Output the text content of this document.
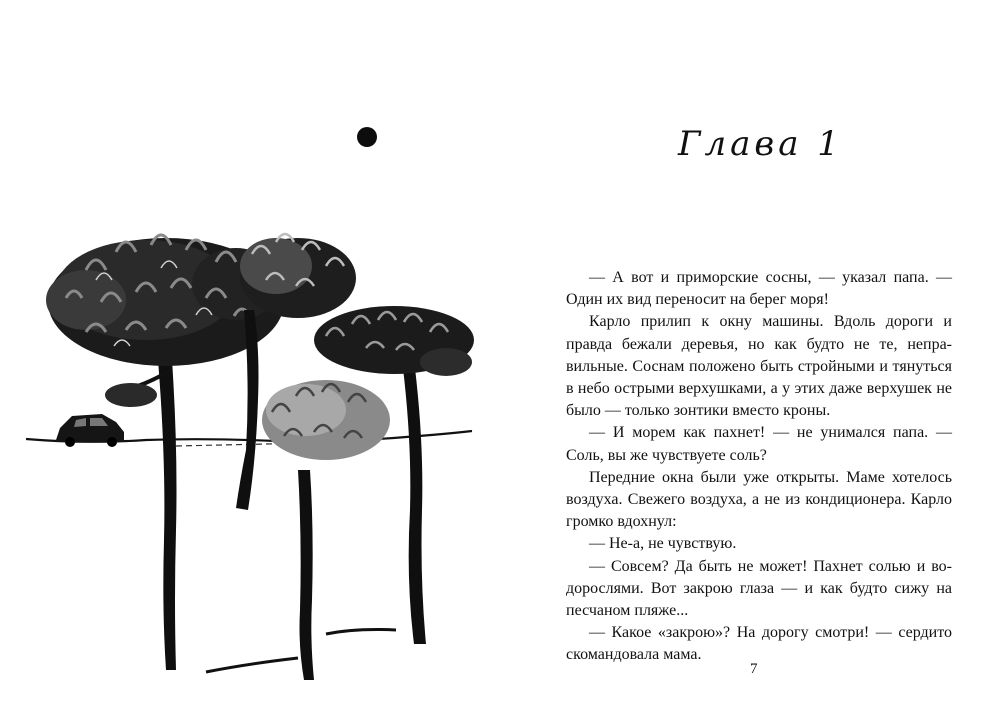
Глава 1

— А вот и приморские сосны, — указал папа. — Один их вид переносит на берег моря!

Карло прилип к окну машины. Вдоль дороги и правда бежали деревья, но как будто не те, неправильные. Соснам положено быть стройными и тянуться в небо острыми верхушками, а у этих даже верхушек не было — только зонтики вместо кроны.

— И морем как пахнет! — не унимался папа. — Соль, вы же чувствуете соль?

Передние окна были уже открыты. Маме хотелось воздуха. Свежего воздуха, а не из кондиционера. Карло громко вдохнул:

— Не-а, не чувствую.

— Совсем? Да быть не может! Пахнет солью и водорослями. Вот закрою глаза — и как будто сижу на песчаном пляже...

— Какое «закрою»? На дорогу смотри! — сердито скомандовала мама.

7
